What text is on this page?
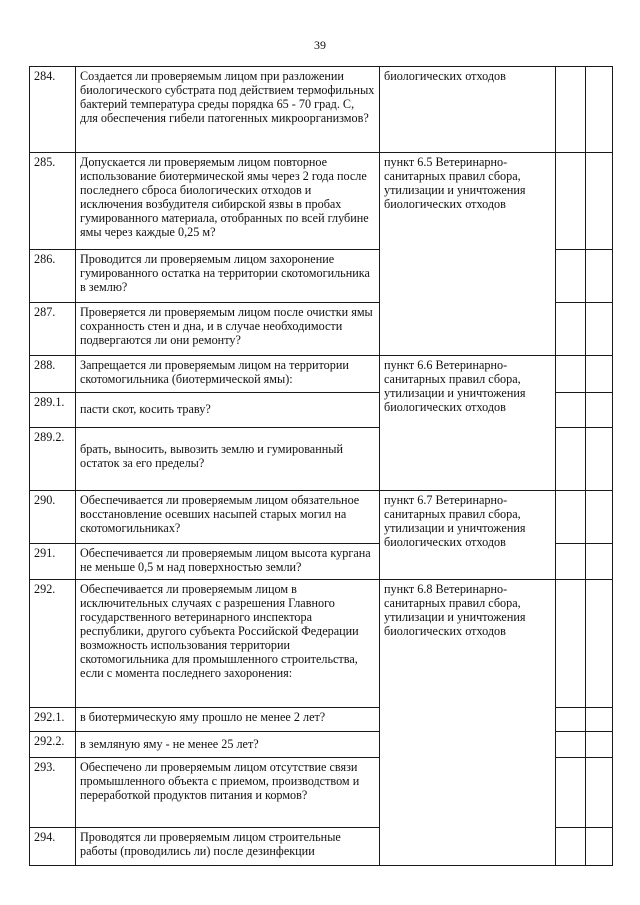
39
284.	Создается ли проверяемым лицом при разложении биологического субстрата под действием термофильных бактерий температура среды порядка 65 - 70 град. С, для обеспечения гибели патогенных микроорганизмов?	биологических отходов		
285.	Допускается ли проверяемым лицом повторное использование биотермической ямы через 2 года после последнего сброса биологических отходов и исключения возбудителя сибирской язвы в пробах гумированного материала, отобранных по всей глубине ямы через каждые 0,25 м?	пункт 6.5 Ветеринарно-санитарных правил сбора, утилизации и уничтожения биологических отходов		
286.	Проводится ли проверяемым лицом захоронение гумированного остатка на территории скотомогильника в землю?			
287.	Проверяется ли проверяемым лицом после очистки ямы сохранность стен и дна, и в случае необходимости подвергаются ли они ремонту?			
288.	Запрещается ли проверяемым лицом на территории скотомогильника (биотермической ямы):	пункт 6.6 Ветеринарно-санитарных правил сбора, утилизации и уничтожения биологических отходов		
289.1.	пасти скот, косить траву?			
289.2.	брать, выносить, вывозить землю и гумированный остаток за его пределы?			
290.	Обеспечивается ли проверяемым лицом обязательное восстановление осевших насыпей старых могил на скотомогильниках?	пункт 6.7 Ветеринарно-санитарных правил сбора, утилизации и уничтожения биологических отходов		
291.	Обеспечивается ли проверяемым лицом высота кургана не меньше 0,5 м над поверхностью земли?			
292.	Обеспечивается ли проверяемым лицом в исключительных случаях с разрешения Главного государственного ветеринарного инспектора республики, другого субъекта Российской Федерации возможность использования территории скотомогильника для промышленного строительства, если с момента последнего захоронения:	пункт 6.8 Ветеринарно-санитарных правил сбора, утилизации и уничтожения биологических отходов		
292.1.	в биотермическую яму прошло не менее 2 лет?			
292.2.	в земляную яму - не менее 25 лет?			
293.	Обеспечено ли проверяемым лицом отсутствие связи промышленного объекта с приемом, производством и переработкой продуктов питания и кормов?			
294.	Проводятся ли проверяемым лицом строительные работы (проводились ли) после дезинфекции			
